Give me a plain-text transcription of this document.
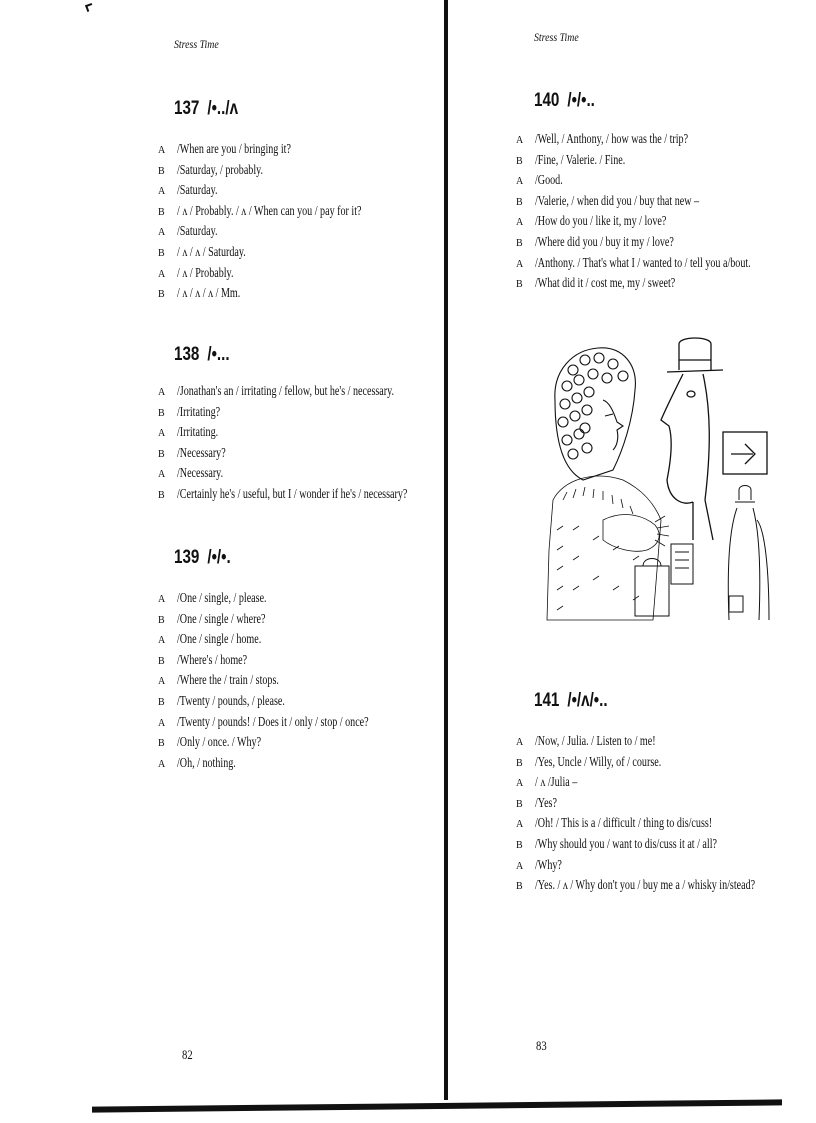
Stress Time
137 /•../ʌ
A /When are you / bringing it?
B /Saturday, / probably.
A /Saturday.
B / ʌ / Probably. / ʌ / When can you / pay for it?
A /Saturday.
B / ʌ / ʌ / Saturday.
A / ʌ / Probably.
B / ʌ / ʌ / ʌ / Mm.
138 /•...
A /Jonathan's an / irritating / fellow, but he's / necessary.
B /Irritating?
A /Irritating.
B /Necessary?
A /Necessary.
B /Certainly he's / useful, but I / wonder if he's / necessary?
139 /•/•.
A /One / single, / please.
B /One / single / where?
A /One / single / home.
B /Where's / home?
A /Where the / train / stops.
B /Twenty / pounds, / please.
A /Twenty / pounds! / Does it / only / stop / once?
B /Only / once. / Why?
A /Oh, / nothing.
82
Stress Time
140 /•/•..
A /Well, / Anthony, / how was the / trip?
B /Fine, / Valerie. / Fine.
A /Good.
B /Valerie, / when did you / buy that new –
A /How do you / like it, my / love?
B /Where did you / buy it my / love?
A /Anthony. / That's what I / wanted to / tell you a/bout.
B /What did it / cost me, my / sweet?
141 /•/ʌ/•..
A /Now, / Julia. / Listen to / me!
B /Yes, Uncle / Willy, of / course.
A / ʌ /Julia –
B /Yes?
A /Oh! / This is a / difficult / thing to dis/cuss!
B /Why should you / want to dis/cuss it at / all?
A /Why?
B /Yes. / ʌ / Why don't you / buy me a / whisky in/stead?
83
